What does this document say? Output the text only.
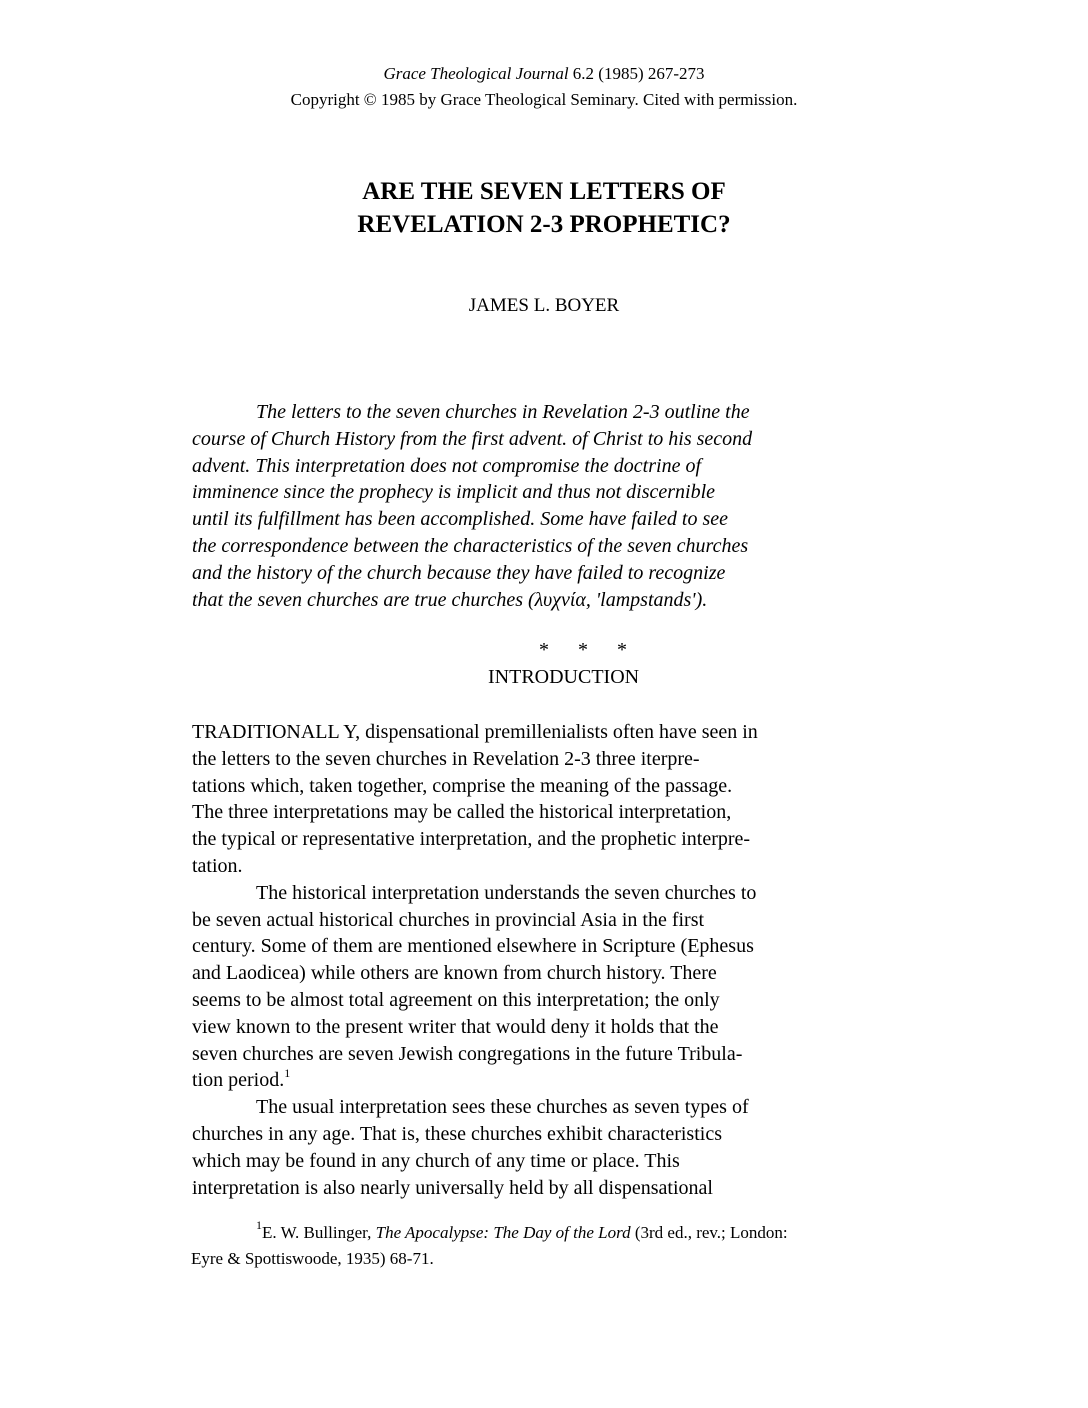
Grace Theological Journal 6.2 (1985) 267-273
Copyright © 1985 by Grace Theological Seminary. Cited with permission.
ARE THE SEVEN LETTERS OF
REVELATION 2-3 PROPHETIC?
JAMES L. BOYER
The letters to the seven churches in Revelation 2-3 outline the
course of Church History from the first advent. of Christ to his second
advent. This interpretation does not compromise the doctrine of
imminence since the prophecy is implicit and thus not discernible
until its fulfillment has been accomplished. Some have failed to see
the correspondence between the characteristics of the seven churches
and the history of the church because they have failed to recognize
that the seven churches are true churches (λυχνία, 'lampstands').
* * *
INTRODUCTION
TRADITIONALL Y, dispensational premillenialists often have seen in
the letters to the seven churches in Revelation 2-3 three iterpre-
tations which, taken together, comprise the meaning of the passage.
The three interpretations may be called the historical interpretation,
the typical or representative interpretation, and the prophetic interpre-
tation.
The historical interpretation understands the seven churches to
be seven actual historical churches in provincial Asia in the first
century. Some of them are mentioned elsewhere in Scripture (Ephesus
and Laodicea) while others are known from church history. There
seems to be almost total agreement on this interpretation; the only
view known to the present writer that would deny it holds that the
seven churches are seven Jewish congregations in the future Tribula-
tion period.$^1$
The usual interpretation sees these churches as seven types of
churches in any age. That is, these churches exhibit characteristics
which may be found in any church of any time or place. This
interpretation is also nearly universally held by all dispensational
$^1$E. W. Bullinger, The Apocalypse: The Day of the Lord (3rd ed., rev.; London:
Eyre & Spottiswoode, 1935) 68-71.
